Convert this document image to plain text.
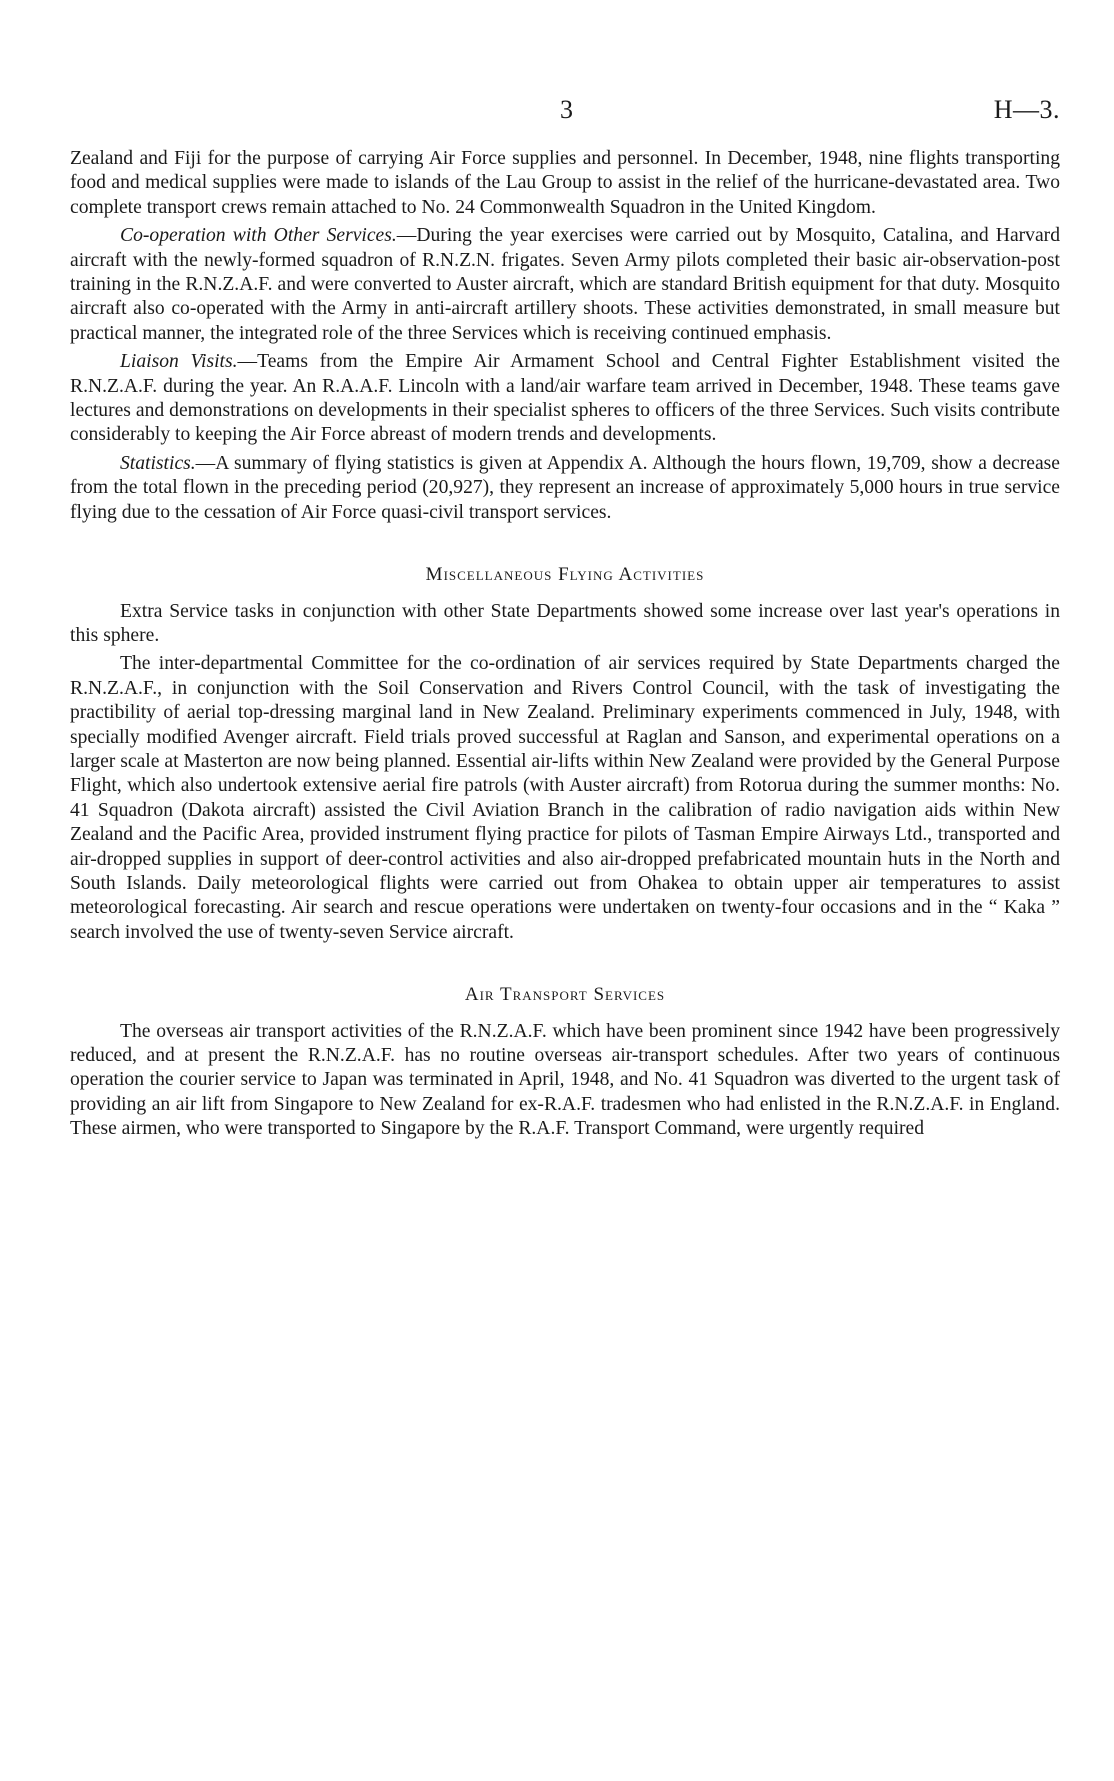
3	H—3.

Zealand and Fiji for the purpose of carrying Air Force supplies and personnel. In December, 1948, nine flights transporting food and medical supplies were made to islands of the Lau Group to assist in the relief of the hurricane-devastated area. Two complete transport crews remain attached to No. 24 Commonwealth Squadron in the United Kingdom.

Co-operation with Other Services.—During the year exercises were carried out by Mosquito, Catalina, and Harvard aircraft with the newly-formed squadron of R.N.Z.N. frigates. Seven Army pilots completed their basic air-observation-post training in the R.N.Z.A.F. and were converted to Auster aircraft, which are standard British equipment for that duty. Mosquito aircraft also co-operated with the Army in anti-aircraft artillery shoots. These activities demonstrated, in small measure but practical manner, the integrated role of the three Services which is receiving continued emphasis.

Liaison Visits.—Teams from the Empire Air Armament School and Central Fighter Establishment visited the R.N.Z.A.F. during the year. An R.A.A.F. Lincoln with a land/air warfare team arrived in December, 1948. These teams gave lectures and demonstrations on developments in their specialist spheres to officers of the three Services. Such visits contribute considerably to keeping the Air Force abreast of modern trends and developments.

Statistics.—A summary of flying statistics is given at Appendix A. Although the hours flown, 19,709, show a decrease from the total flown in the preceding period (20,927), they represent an increase of approximately 5,000 hours in true service flying due to the cessation of Air Force quasi-civil transport services.

Miscellaneous Flying Activities

Extra Service tasks in conjunction with other State Departments showed some increase over last year's operations in this sphere.

The inter-departmental Committee for the co-ordination of air services required by State Departments charged the R.N.Z.A.F., in conjunction with the Soil Conservation and Rivers Control Council, with the task of investigating the practibility of aerial top-dressing marginal land in New Zealand. Preliminary experiments commenced in July, 1948, with specially modified Avenger aircraft. Field trials proved successful at Raglan and Sanson, and experimental operations on a larger scale at Masterton are now being planned. Essential air-lifts within New Zealand were provided by the General Purpose Flight, which also undertook extensive aerial fire patrols (with Auster aircraft) from Rotorua during the summer months: No. 41 Squadron (Dakota aircraft) assisted the Civil Aviation Branch in the calibration of radio navigation aids within New Zealand and the Pacific Area, provided instrument flying practice for pilots of Tasman Empire Airways Ltd., transported and air-dropped supplies in support of deer-control activities and also air-dropped prefabricated mountain huts in the North and South Islands. Daily meteorological flights were carried out from Ohakea to obtain upper air temperatures to assist meteorological forecasting. Air search and rescue operations were undertaken on twenty-four occasions and in the “ Kaka ” search involved the use of twenty-seven Service aircraft.

Air Transport Services

The overseas air transport activities of the R.N.Z.A.F. which have been prominent since 1942 have been progressively reduced, and at present the R.N.Z.A.F. has no routine overseas air-transport schedules. After two years of continuous operation the courier service to Japan was terminated in April, 1948, and No. 41 Squadron was diverted to the urgent task of providing an air lift from Singapore to New Zealand for ex-R.A.F. tradesmen who had enlisted in the R.N.Z.A.F. in England. These airmen, who were transported to Singapore by the R.A.F. Transport Command, were urgently required
